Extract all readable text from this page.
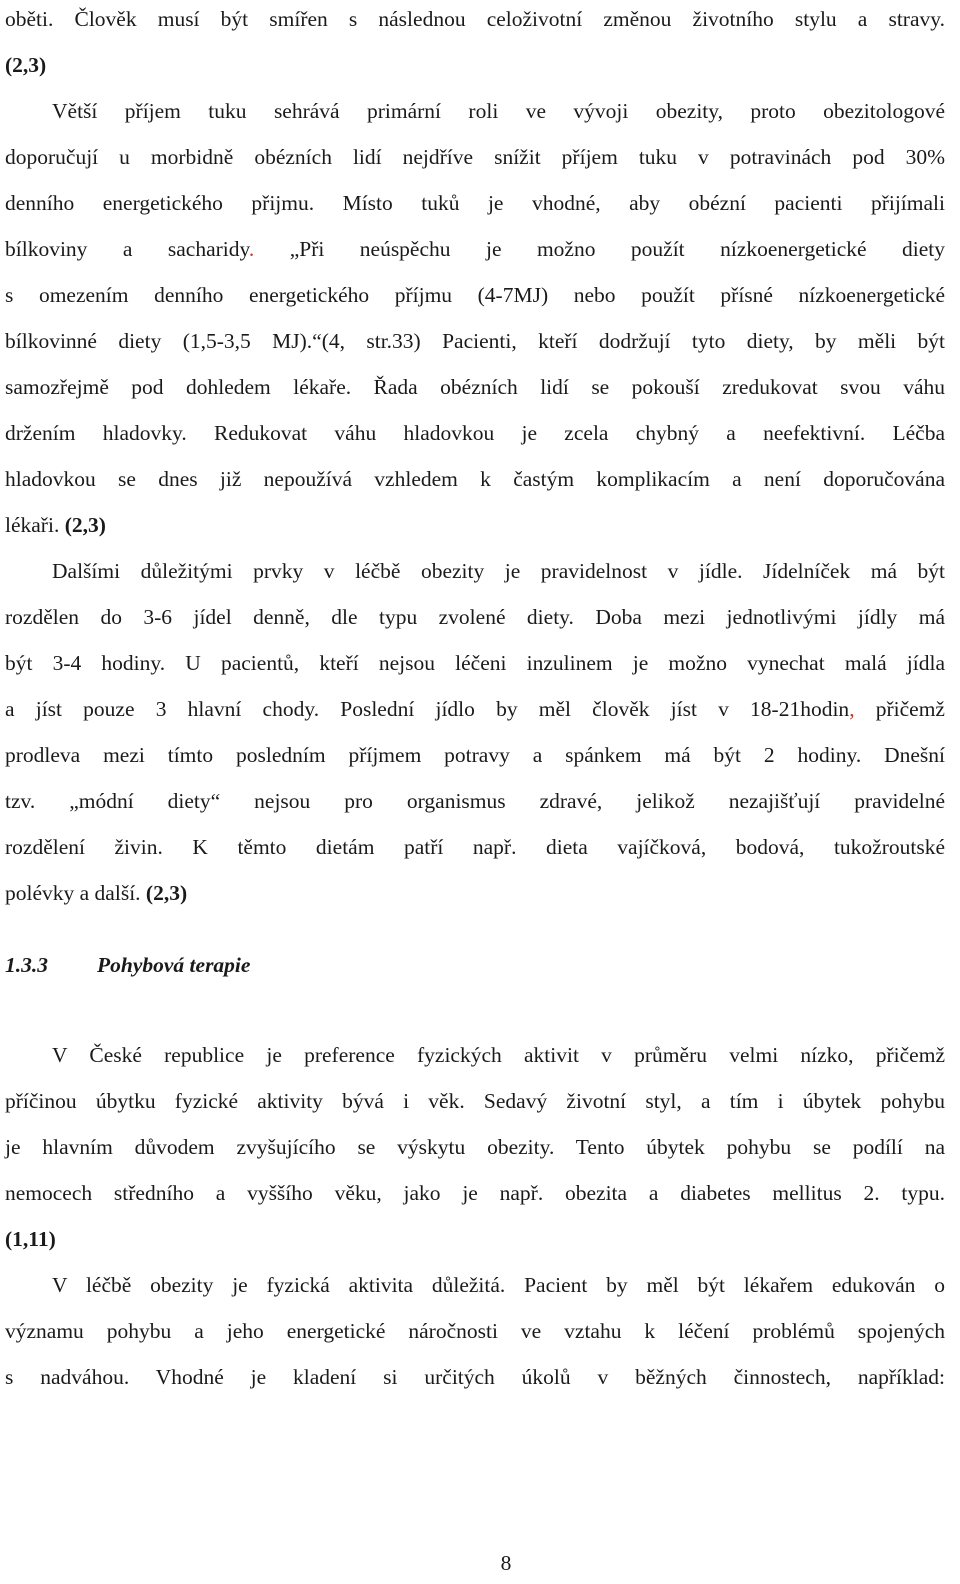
oběti. Člověk musí být smířen s následnou celoživotní změnou životního stylu a stravy.
(2,3)
Větší příjem tuku sehrává primární roli ve vývoji obezity, proto obezitologové
doporučují u morbidně obézních lidí nejdříve snížit příjem tuku v potravinách pod 30%
denního energetického přijmu. Místo tuků je vhodné, aby obézní pacienti přijímali
bílkoviny a sacharidy. „Při neúspěchu je možno použít nízkoenergetické diety
s omezením denního energetického příjmu (4-7MJ) nebo použít přísné nízkoenergetické
bílkovinné diety (1,5-3,5 MJ).“(4, str.33) Pacienti, kteří dodržují tyto diety, by měli být
samozřejmě pod dohledem lékaře. Řada obézních lidí se pokouší zredukovat svou váhu
držením hladovky. Redukovat váhu hladovkou je zcela chybný a neefektivní. Léčba
hladovkou se dnes již nepoužívá vzhledem k častým komplikacím a není doporučována
lékaři. (2,3)
Dalšími důležitými prvky v léčbě obezity je pravidelnost v jídle. Jídelníček má být
rozdělen do 3-6 jídel denně, dle typu zvolené diety. Doba mezi jednotlivými jídly má
být 3-4 hodiny. U pacientů, kteří nejsou léčeni inzulinem je možno vynechat malá jídla
a jíst pouze 3 hlavní chody. Poslední jídlo by měl člověk jíst v 18-21hodin, přičemž
prodleva mezi tímto posledním příjmem potravy a spánkem má být 2 hodiny. Dnešní
tzv. „módní diety“ nejsou pro organismus zdravé, jelikož nezajišťují pravidelné
rozdělení živin. K těmto dietám patří např. dieta vajíčková, bodová, tukožroutské
polévky a další. (2,3)
1.3.3 Pohybová terapie
V České republice je preference fyzických aktivit v průměru velmi nízko, přičemž
příčinou úbytku fyzické aktivity bývá i věk. Sedavý životní styl, a tím i úbytek pohybu
je hlavním důvodem zvyšujícího se výskytu obezity. Tento úbytek pohybu se podílí na
nemocech středního a vyššího věku, jako je např. obezita a diabetes mellitus 2. typu.
(1,11)
V léčbě obezity je fyzická aktivita důležitá. Pacient by měl být lékařem edukován o
významu pohybu a jeho energetické náročnosti ve vztahu k léčení problémů spojených
s nadváhou. Vhodné je kladení si určitých úkolů v běžných činnostech, například:
8
